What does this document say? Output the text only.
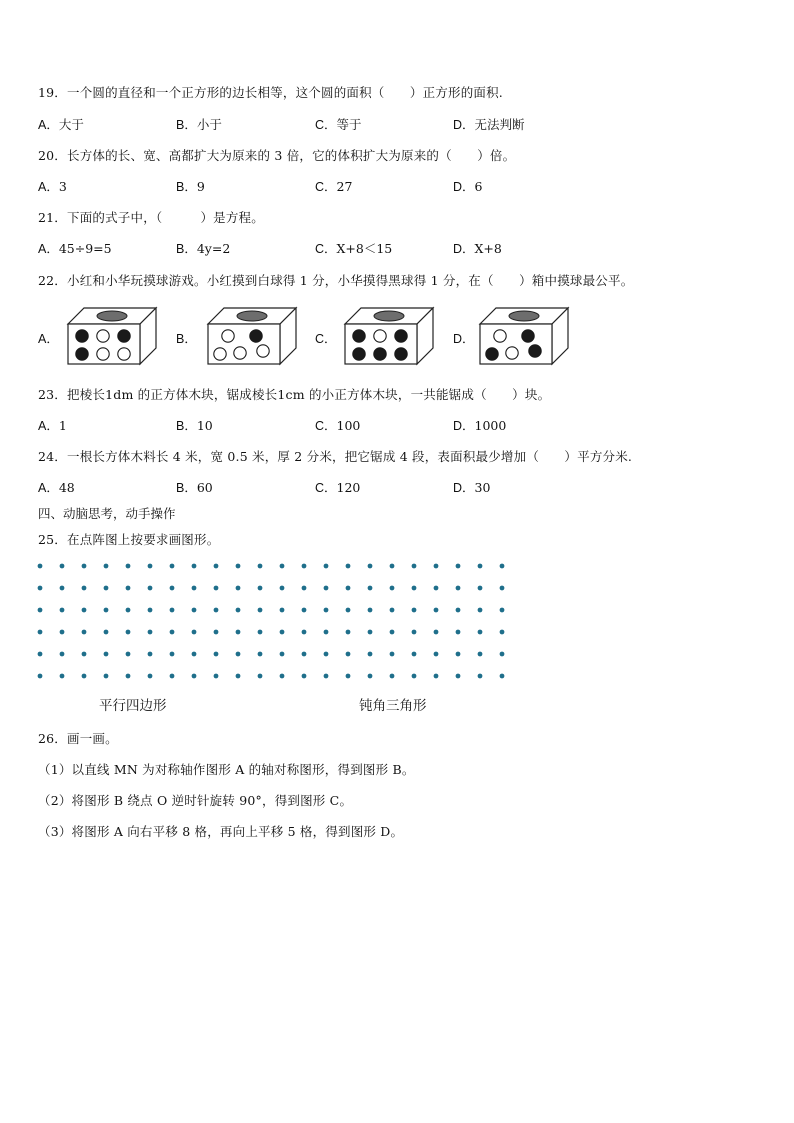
19．一个圆的直径和一个正方形的边长相等，这个圆的面积（　　）正方形的面积.
A．大于	B．小于	C．等于	D．无法判断
20．长方体的长、宽、高都扩大为原来的 3 倍，它的体积扩大为原来的（　　）倍。
A．3	B．9	C．27	D．6
21．下面的式子中，（　　　）是方程。
A．45÷9=5	B．4y=2	C．X+8＜15	D．X+8
22．小红和小华玩摸球游戏。小红摸到白球得 1 分，小华摸得黑球得 1 分，在（　　）箱中摸球最公平。
A．	B．	C．	D．
23．把棱长1dm 的正方体木块，锯成棱长1cm 的小正方体木块，一共能锯成（　　）块。
A．1	B．10	C．100	D．1000
24．一根长方体木料长 4 米，宽 0.5 米，厚 2 分米，把它锯成 4 段，表面积最少增加（　　）平方分米.
A．48	B．60	C．120	D．30
四、动脑思考，动手操作
25．在点阵图上按要求画图形。
平行四边形	钝角三角形
26．画一画。
（1）以直线 MN 为对称轴作图形 A 的轴对称图形，得到图形 B。
（2）将图形 B 绕点 O 逆时针旋转 90°，得到图形 C。
（3）将图形 A 向右平移 8 格，再向上平移 5 格，得到图形 D。
